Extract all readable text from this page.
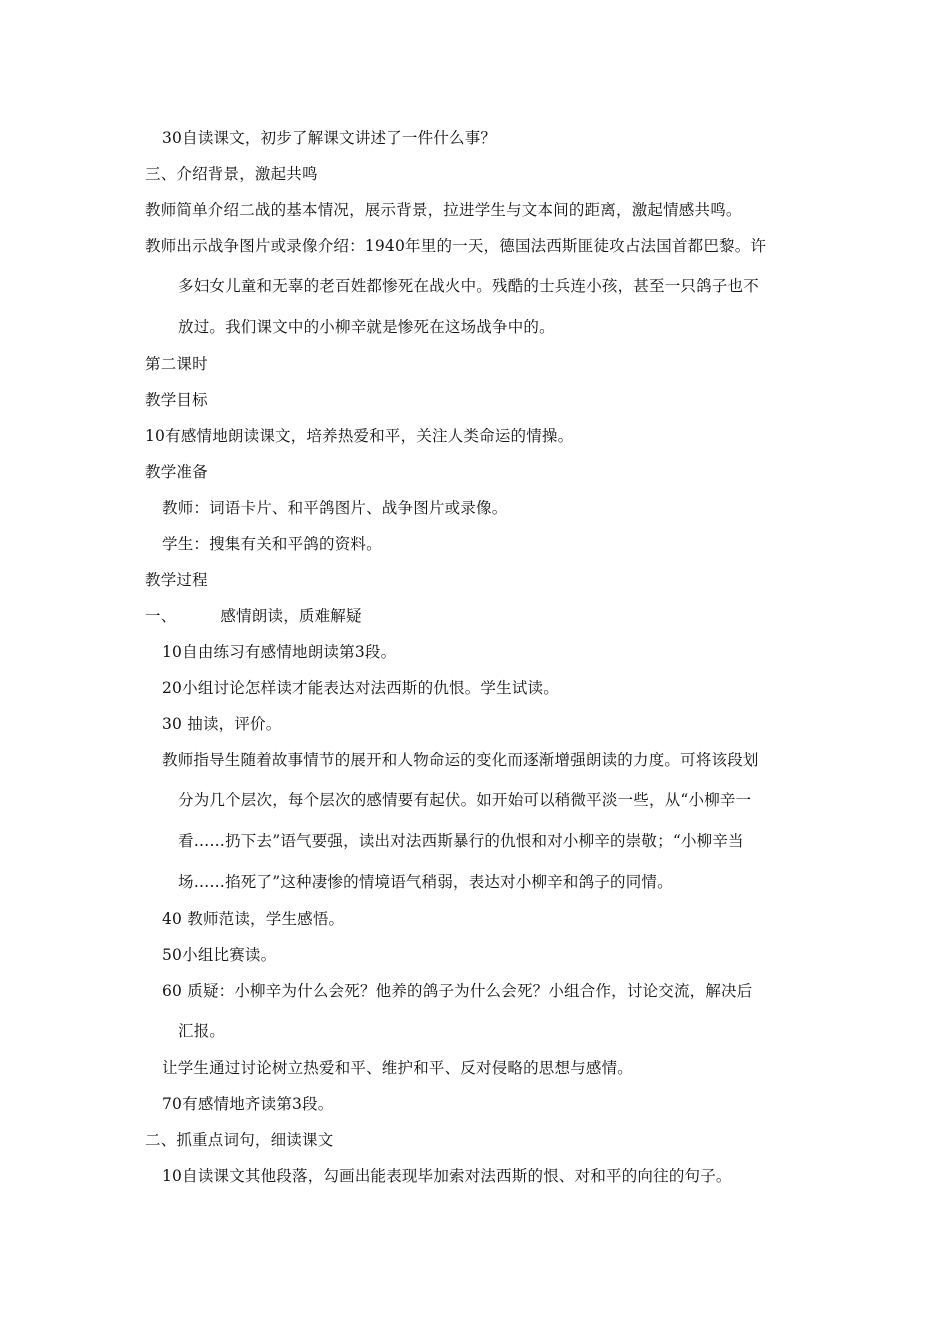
30自读课文，初步了解课文讲述了一件什么事？
三、介绍背景，激起共鸣
教师简单介绍二战的基本情况，展示背景，拉进学生与文本间的距离，激起情感共鸣。
教师出示战争图片或录像介绍：1940年里的一天，德国法西斯匪徒攻占法国首都巴黎。许
多妇女儿童和无辜的老百姓都惨死在战火中。残酷的士兵连小孩，甚至一只鸽子也不
放过。我们课文中的小柳辛就是惨死在这场战争中的。
第二课时
教学目标
10有感情地朗读课文，培养热爱和平，关注人类命运的情操。
教学准备
教师：词语卡片、和平鸽图片、战争图片或录像。
学生：搜集有关和平鸽的资料。
教学过程
一、	感情朗读，质难解疑
10自由练习有感情地朗读第3段。
20小组讨论怎样读才能表达对法西斯的仇恨。学生试读。
30 抽读，评价。
教师指导生随着故事情节的展开和人物命运的变化而逐渐增强朗读的力度。可将该段划
分为几个层次，每个层次的感情要有起伏。如开始可以稍微平淡一些，从“小柳辛一
看……扔下去”语气要强，读出对法西斯暴行的仇恨和对小柳辛的崇敬；“小柳辛当
场……掐死了”这种凄惨的情境语气稍弱，表达对小柳辛和鸽子的同情。
40 教师范读，学生感悟。
50小组比赛读。
60 质疑：小柳辛为什么会死？他养的鸽子为什么会死？小组合作，讨论交流，解决后
汇报。
让学生通过讨论树立热爱和平、维护和平、反对侵略的思想与感情。
70有感情地齐读第3段。
二、抓重点词句，细读课文
10自读课文其他段落，勾画出能表现毕加索对法西斯的恨、对和平的向往的句子。
